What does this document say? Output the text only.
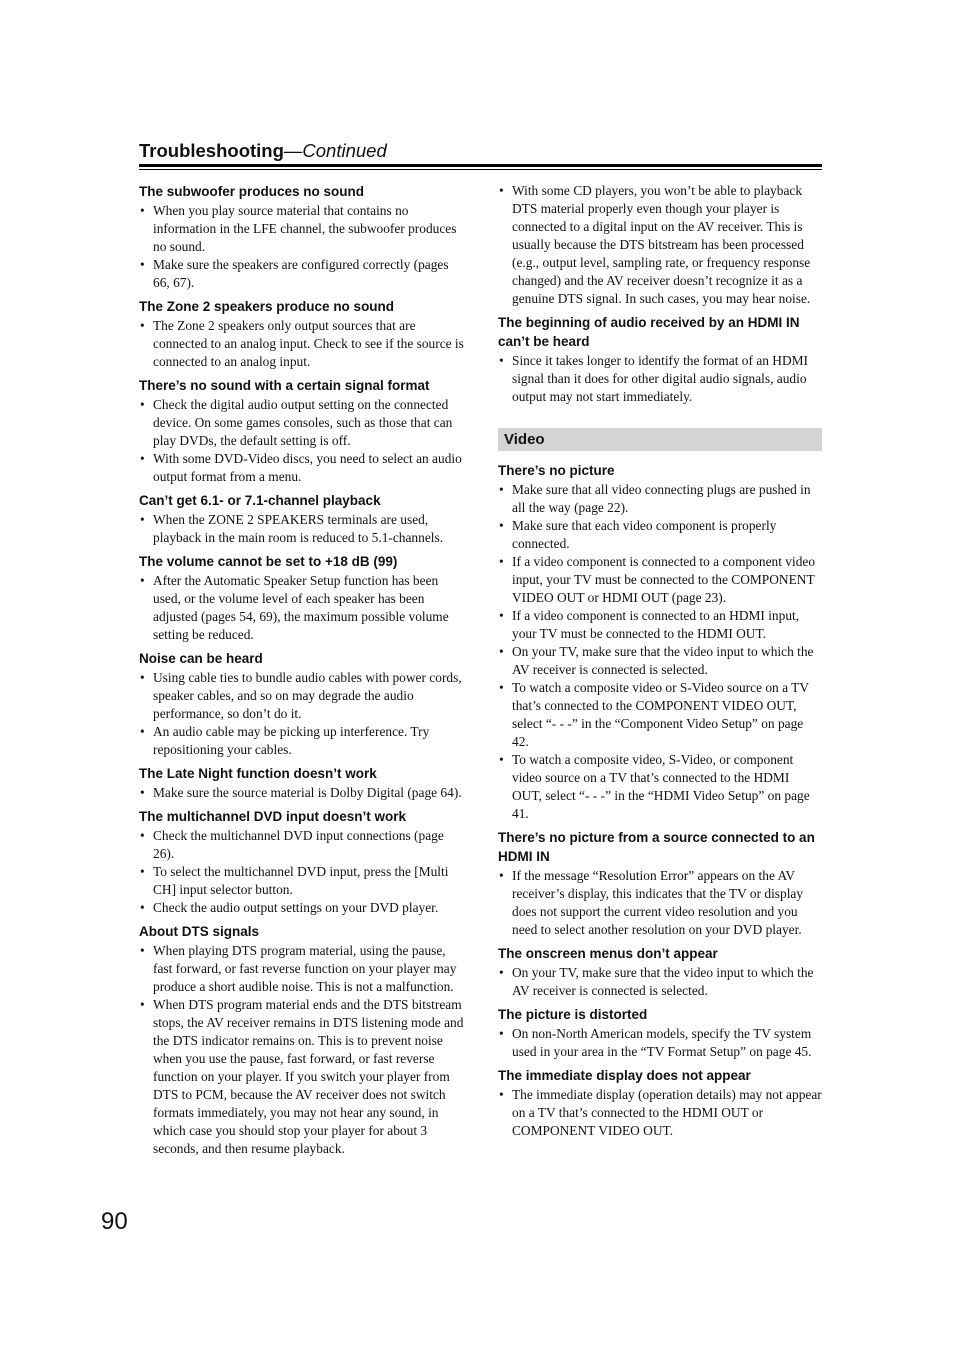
Troubleshooting—Continued
The subwoofer produces no sound
• When you play source material that contains no information in the LFE channel, the subwoofer produces no sound.
• Make sure the speakers are configured correctly (pages 66, 67).
The Zone 2 speakers produce no sound
• The Zone 2 speakers only output sources that are connected to an analog input. Check to see if the source is connected to an analog input.
There’s no sound with a certain signal format
• Check the digital audio output setting on the connected device. On some games consoles, such as those that can play DVDs, the default setting is off.
• With some DVD-Video discs, you need to select an audio output format from a menu.
Can’t get 6.1- or 7.1-channel playback
• When the ZONE 2 SPEAKERS terminals are used, playback in the main room is reduced to 5.1-channels.
The volume cannot be set to +18 dB (99)
• After the Automatic Speaker Setup function has been used, or the volume level of each speaker has been adjusted (pages 54, 69), the maximum possible volume setting be reduced.
Noise can be heard
• Using cable ties to bundle audio cables with power cords, speaker cables, and so on may degrade the audio performance, so don’t do it.
• An audio cable may be picking up interference. Try repositioning your cables.
The Late Night function doesn’t work
• Make sure the source material is Dolby Digital (page 64).
The multichannel DVD input doesn’t work
• Check the multichannel DVD input connections (page 26).
• To select the multichannel DVD input, press the [Multi CH] input selector button.
• Check the audio output settings on your DVD player.
About DTS signals
• When playing DTS program material, using the pause, fast forward, or fast reverse function on your player may produce a short audible noise. This is not a malfunction.
• When DTS program material ends and the DTS bitstream stops, the AV receiver remains in DTS listening mode and the DTS indicator remains on. This is to prevent noise when you use the pause, fast forward, or fast reverse function on your player. If you switch your player from DTS to PCM, because the AV receiver does not switch formats immediately, you may not hear any sound, in which case you should stop your player for about 3 seconds, and then resume playback.
• With some CD players, you won’t be able to playback DTS material properly even though your player is connected to a digital input on the AV receiver. This is usually because the DTS bitstream has been processed (e.g., output level, sampling rate, or frequency response changed) and the AV receiver doesn’t recognize it as a genuine DTS signal. In such cases, you may hear noise.
The beginning of audio received by an HDMI IN can’t be heard
• Since it takes longer to identify the format of an HDMI signal than it does for other digital audio signals, audio output may not start immediately.
Video
There’s no picture
• Make sure that all video connecting plugs are pushed in all the way (page 22).
• Make sure that each video component is properly connected.
• If a video component is connected to a component video input, your TV must be connected to the COMPONENT VIDEO OUT or HDMI OUT (page 23).
• If a video component is connected to an HDMI input, your TV must be connected to the HDMI OUT.
• On your TV, make sure that the video input to which the AV receiver is connected is selected.
• To watch a composite video or S-Video source on a TV that’s connected to the COMPONENT VIDEO OUT, select “- - -” in the “Component Video Setup” on page 42.
• To watch a composite video, S-Video, or component video source on a TV that’s connected to the HDMI OUT, select “- - -” in the “HDMI Video Setup” on page 41.
There’s no picture from a source connected to an HDMI IN
• If the message “Resolution Error” appears on the AV receiver’s display, this indicates that the TV or display does not support the current video resolution and you need to select another resolution on your DVD player.
The onscreen menus don’t appear
• On your TV, make sure that the video input to which the AV receiver is connected is selected.
The picture is distorted
• On non-North American models, specify the TV system used in your area in the “TV Format Setup” on page 45.
The immediate display does not appear
• The immediate display (operation details) may not appear on a TV that’s connected to the HDMI OUT or COMPONENT VIDEO OUT.
90
